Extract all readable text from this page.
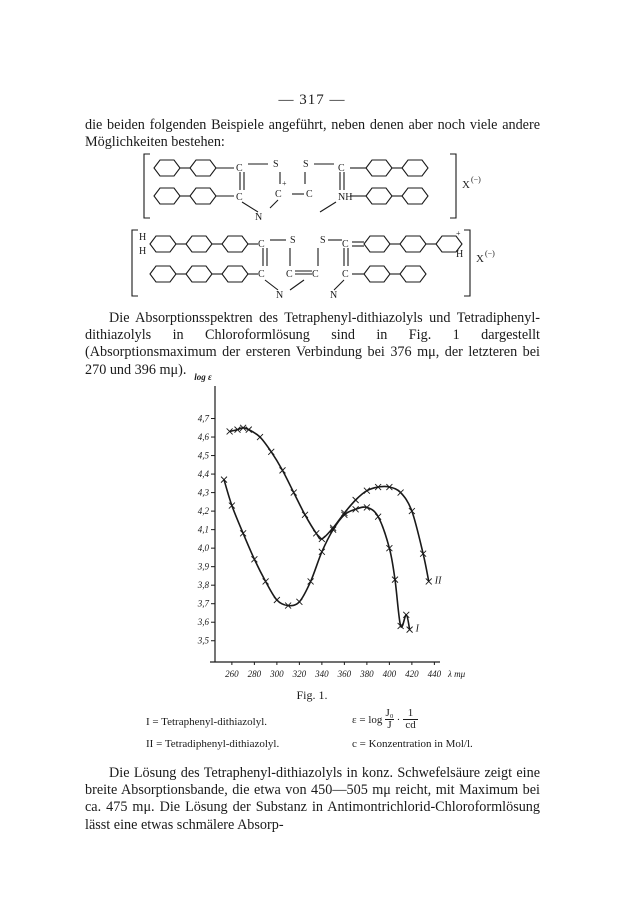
— 317 —
die beiden folgenden Beispiele angeführt, neben denen aber noch viele andere Möglichkeiten bestehen:
C	S S	C
C	C C	NH
N
+	X (−)
H
H
C	S S C
H
C C C C
N	N
+
X (−)
Die Absorptionsspektren des Tetraphenyl-dithiazolyls und Tetradiphenyl-dithiazolyls in Chloroformlösung sind in Fig. 1 dargestellt (Absorptionsmaximum der ersteren Verbindung bei 376 mμ, der letzteren bei 270 und 396 mμ).
3,5
3,6
3,7
3,8
3,9
4,0
4,1
4,2
4,3
4,4
4,5
4,6
4,7
260 280 300 320 340 360 380 400 420 440
log ε
λ mμ
I
II
Fig. 1.
I = Tetraphenyl-dithiazolyl.
II = Tetradiphenyl-dithiazolyl.
$\varepsilon = \log \frac{\text{J₀}}{J} \cdot \frac{1}{cd}$
c = Konzentration in Mol/l.
Die Lösung des Tetraphenyl-dithiazolyls in konz. Schwefelsäure zeigt eine breite Absorptionsbande, die etwa von 450—505 mμ reicht, mit Maximum bei ca. 475 mμ. Die Lösung der Substanz in Antimontrichlorid-Chloroformlösung lässt eine etwas schmälere Absorp-
